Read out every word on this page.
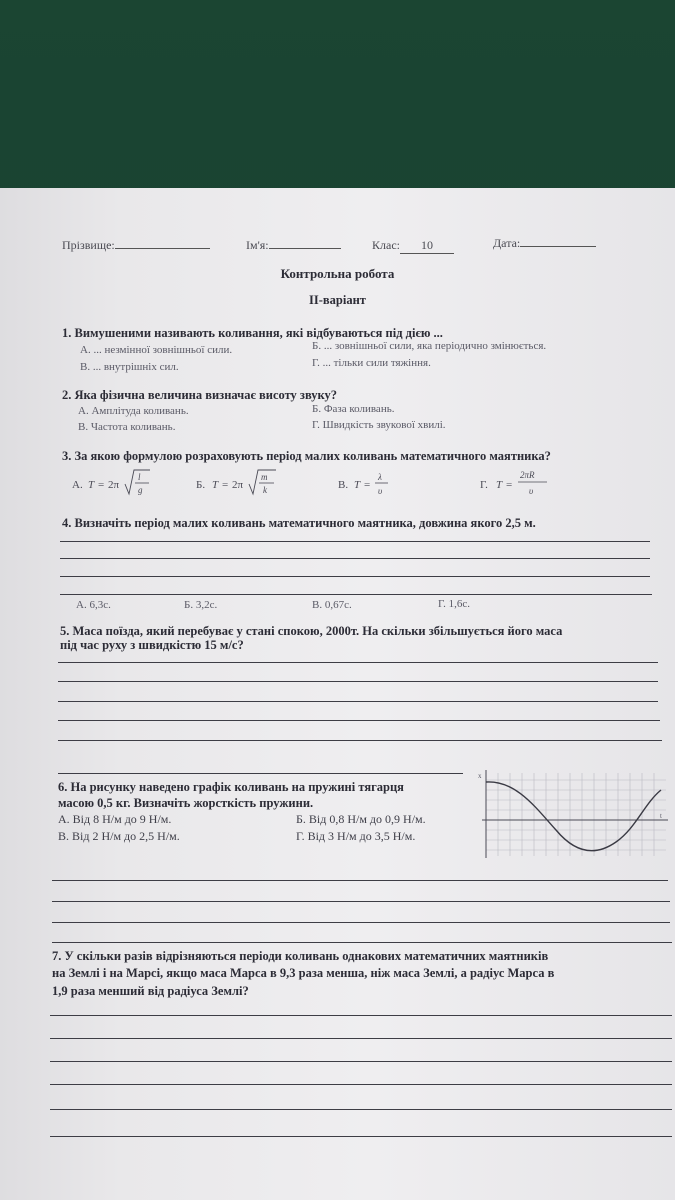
Прізвище:	Ім'я:	Клас: 10	Дата:
Контрольна робота
II-варіант
1. Вимушеними називають коливання, які відбуваються під дією ...
А. ... незмінної зовнішньої сили.	Б. ... зовнішньої сили, яка періодично змінюється.
В. ... внутрішніх сил.	Г. ... тільки сили тяжіння.
2. Яка фізична величина визначає висоту звуку?
А. Амплітуда коливань.	Б. Фаза коливань.
В. Частота коливань.	Г. Швидкість звукової хвилі.
3. За якою формулою розраховують період малих коливань математичного маятника?
А. T = 2π
l
g	Б. T = 2π
m
k	В. T =
λ
υ	Г. T =
2πR
υ
4. Визначіть період малих коливань математичного маятника, довжина якого 2,5 м.
А. 6,3с.	Б. 3,2с.	В. 0,67с.	Г. 1,6с.
5. Маса поїзда, який перебуває у стані спокою, 2000т. На скільки збільшується його маса
під час руху з швидкістю 15 м/с?
6. На рисунку наведено графік коливань на пружині тягарця
масою 0,5 кг. Визначіть жорсткість пружини.
А. Від 8 Н/м до 9 Н/м.	Б. Від 0,8 Н/м до 0,9 Н/м.
В. Від 2 Н/м до 2,5 Н/м.	Г. Від 3 Н/м до 3,5 Н/м.
x
t
7. У скільки разів відрізняються періоди коливань однакових математичних маятників
на Землі і на Марсі, якщо маса Марса в 9,3 раза менша, ніж маса Землі, а радіус Марса в
1,9 раза менший від радіуса Землі?
